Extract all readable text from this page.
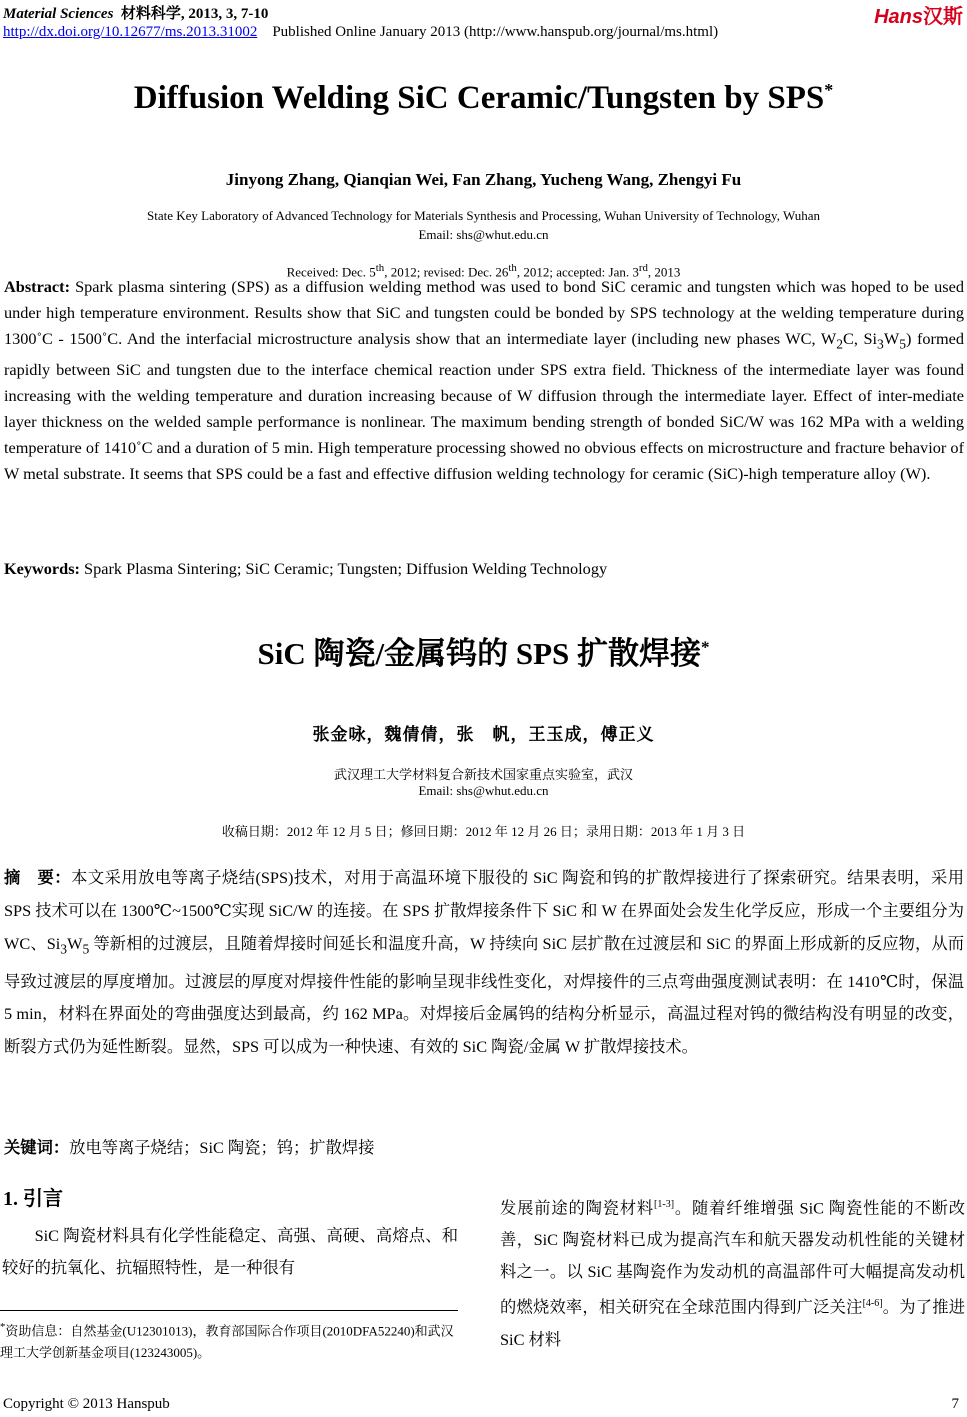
Material Sciences 材料科学, 2013, 3, 7-10
http://dx.doi.org/10.12677/ms.2013.31002 Published Online January 2013 (http://www.hanspub.org/journal/ms.html)
Hans汉斯
Diffusion Welding SiC Ceramic/Tungsten by SPS*
Jinyong Zhang, Qianqian Wei, Fan Zhang, Yucheng Wang, Zhengyi Fu
State Key Laboratory of Advanced Technology for Materials Synthesis and Processing, Wuhan University of Technology, Wuhan
Email: shs@whut.edu.cn
Received: Dec. 5th, 2012; revised: Dec. 26th, 2012; accepted: Jan. 3rd, 2013
Abstract: Spark plasma sintering (SPS) as a diffusion welding method was used to bond SiC ceramic and tungsten which was hoped to be used under high temperature environment. Results show that SiC and tungsten could be bonded by SPS technology at the welding temperature during 1300˚C - 1500˚C. And the interfacial microstructure analysis show that an intermediate layer (including new phases WC, $W_2C$, $Si_3W_5$) formed rapidly between SiC and tungsten due to the interface chemical reaction under SPS extra field. Thickness of the intermediate layer was found increasing with the welding temperature and duration increasing because of W diffusion through the intermediate layer. Effect of inter-mediate layer thickness on the welded sample performance is nonlinear. The maximum bending strength of bonded SiC/W was 162 MPa with a welding temperature of 1410˚C and a duration of 5 min. High temperature processing showed no obvious effects on microstructure and fracture behavior of W metal substrate. It seems that SPS could be a fast and effective diffusion welding technology for ceramic (SiC)-high temperature alloy (W).
Keywords: Spark Plasma Sintering; SiC Ceramic; Tungsten; Diffusion Welding Technology
SiC 陶瓷/金属钨的 SPS 扩散焊接*
张金咏，魏倩倩，张　帆，王玉成，傅正义
武汉理工大学材料复合新技术国家重点实验室，武汉
Email: shs@whut.edu.cn
收稿日期：2012 年 12 月 5 日；修回日期：2012 年 12 月 26 日；录用日期：2013 年 1 月 3 日
摘　要：本文采用放电等离子烧结(SPS)技术，对用于高温环境下服役的 SiC 陶瓷和钨的扩散焊接进行了探索研究。结果表明，采用 SPS 技术可以在 1300℃~1500℃实现 SiC/W 的连接。在 SPS 扩散焊接条件下 SiC 和 W 在界面处会发生化学反应，形成一个主要组分为 WC、$Si_3W_5$ 等新相的过渡层，且随着焊接时间延长和温度升高，W 持续向 SiC 层扩散在过渡层和 SiC 的界面上形成新的反应物，从而导致过渡层的厚度增加。过渡层的厚度对焊接件性能的影响呈现非线性变化，对焊接件的三点弯曲强度测试表明：在 1410℃时，保温 5 min，材料在界面处的弯曲强度达到最高，约 162 MPa。对焊接后金属钨的结构分析显示，高温过程对钨的微结构没有明显的改变，断裂方式仍为延性断裂。显然，SPS 可以成为一种快速、有效的 SiC 陶瓷/金属 W 扩散焊接技术。
关键词：放电等离子烧结；SiC 陶瓷；钨；扩散焊接
1. 引言
SiC 陶瓷材料具有化学性能稳定、高强、高硬、高熔点、和较好的抗氧化、抗辐照特性，是一种很有
发展前途的陶瓷材料[1-3]。随着纤维增强 SiC 陶瓷性能的不断改善，SiC 陶瓷材料已成为提高汽车和航天器发动机性能的关键材料之一。以 SiC 基陶瓷作为发动机的高温部件可大幅提高发动机的燃烧效率，相关研究在全球范围内得到广泛关注[4-6]。为了推进 SiC 材料
*资助信息：自然基金(U12301013)，教育部国际合作项目(2010DFA52240)和武汉理工大学创新基金项目(123243005)。
Copyright © 2013 Hanspub	7
